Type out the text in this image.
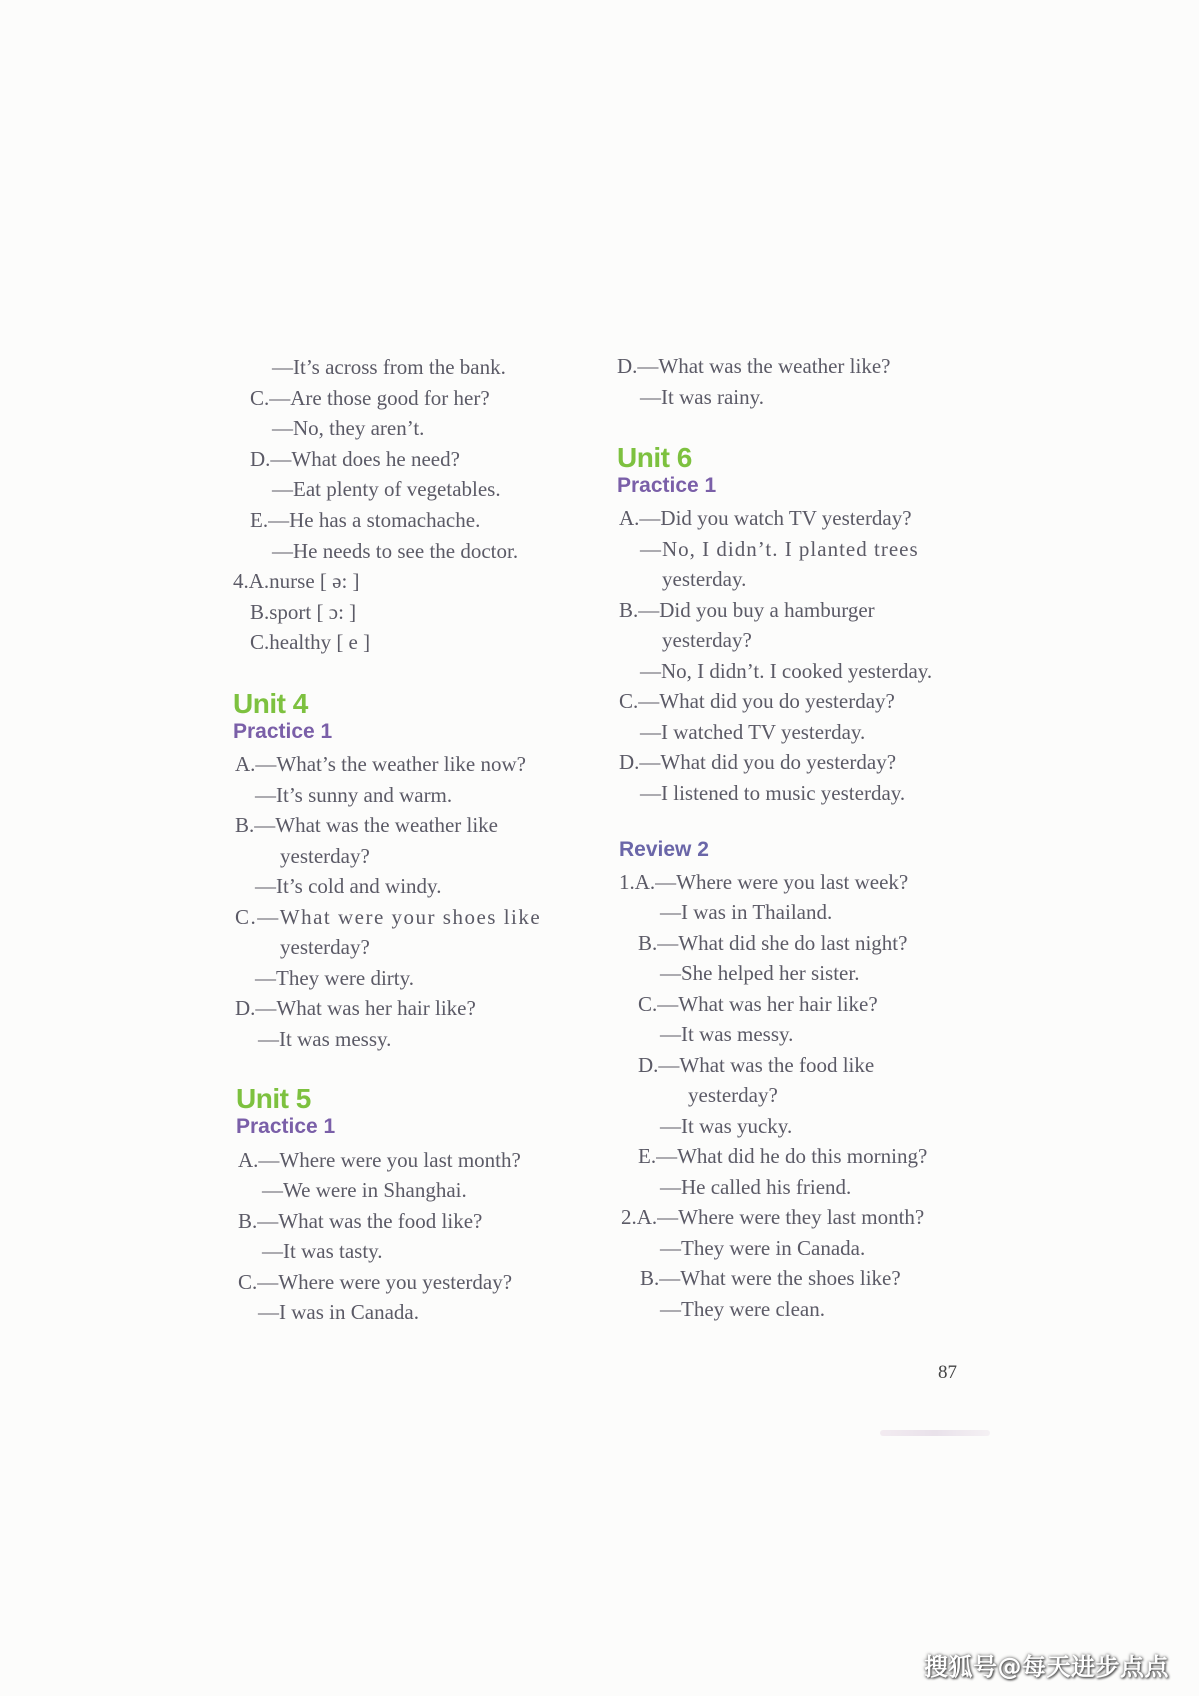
—It’s across from the bank.
C.—Are those good for her?
—No, they aren’t.
D.—What does he need?
—Eat plenty of vegetables.
E.—He has a stomachache.
—He needs to see the doctor.
4.A.nurse [ ə: ]
B.sport [ ɔ: ]
C.healthy [ e ]
Unit 4
Practice 1
A.—What’s the weather like now?
—It’s sunny and warm.
B.—What was the weather like
yesterday?
—It’s cold and windy.
C.—What were your shoes like
yesterday?
—They were dirty.
D.—What was her hair like?
—It was messy.
Unit 5
Practice 1
A.—Where were you last month?
—We were in Shanghai.
B.—What was the food like?
—It was tasty.
C.—Where were you yesterday?
—I was in Canada.
D.—What was the weather like?
—It was rainy.
Unit 6
Practice 1
A.—Did you watch TV yesterday?
—No, I didn’t. I planted trees
yesterday.
B.—Did you buy a hamburger
yesterday?
—No, I didn’t. I cooked yesterday.
C.—What did you do yesterday?
—I watched TV yesterday.
D.—What did you do yesterday?
—I listened to music yesterday.
Review 2
1.A.—Where were you last week?
—I was in Thailand.
B.—What did she do last night?
—She helped her sister.
C.—What was her hair like?
—It was messy.
D.—What was the food like
yesterday?
—It was yucky.
E.—What did he do this morning?
—He called his friend.
2.A.—Where were they last month?
—They were in Canada.
B.—What were the shoes like?
—They were clean.
87
搜狐号@每天进步点点
